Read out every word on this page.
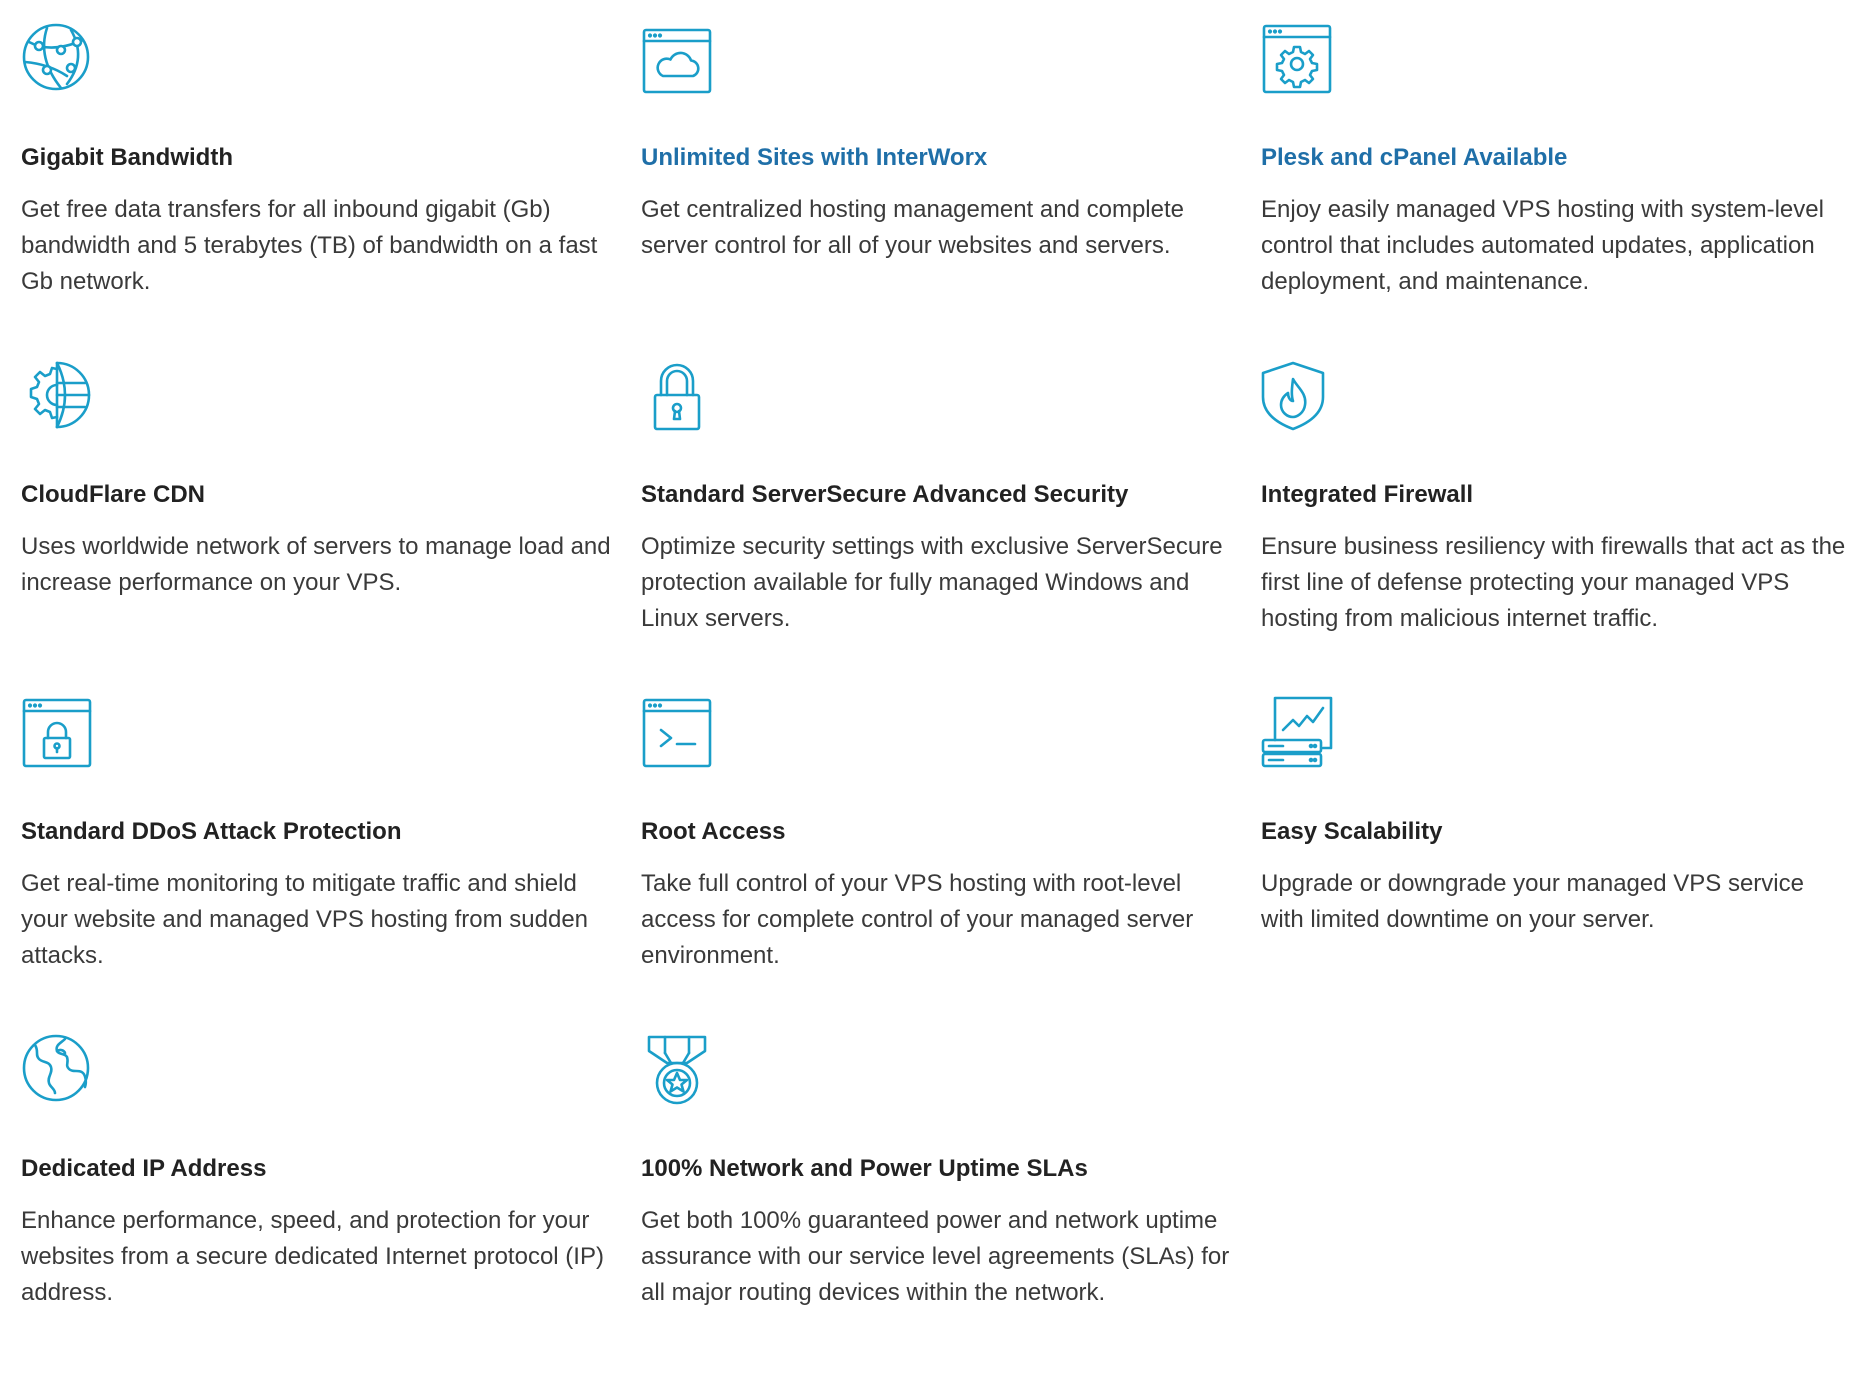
Gigabit Bandwidth
Get free data transfers for all inbound gigabit (Gb) bandwidth and 5 terabytes (TB) of bandwidth on a fast Gb network.
Unlimited Sites with InterWorx
Get centralized hosting management and complete server control for all of your websites and servers.
Plesk and cPanel Available
Enjoy easily managed VPS hosting with system-level control that includes automated updates, application deployment, and maintenance.
CloudFlare CDN
Uses worldwide network of servers to manage load and increase performance on your VPS.
Standard ServerSecure Advanced Security
Optimize security settings with exclusive ServerSecure protection available for fully managed Windows and Linux servers.
Integrated Firewall
Ensure business resiliency with firewalls that act as the first line of defense protecting your managed VPS hosting from malicious internet traffic.
Standard DDoS Attack Protection
Get real-time monitoring to mitigate traffic and shield your website and managed VPS hosting from sudden attacks.
Root Access
Take full control of your VPS hosting with root-level access for complete control of your managed server environment.
Easy Scalability
Upgrade or downgrade your managed VPS service with limited downtime on your server.
Dedicated IP Address
Enhance performance, speed, and protection for your websites from a secure dedicated Internet protocol (IP) address.
100% Network and Power Uptime SLAs
Get both 100% guaranteed power and network uptime assurance with our service level agreements (SLAs) for all major routing devices within the network.
